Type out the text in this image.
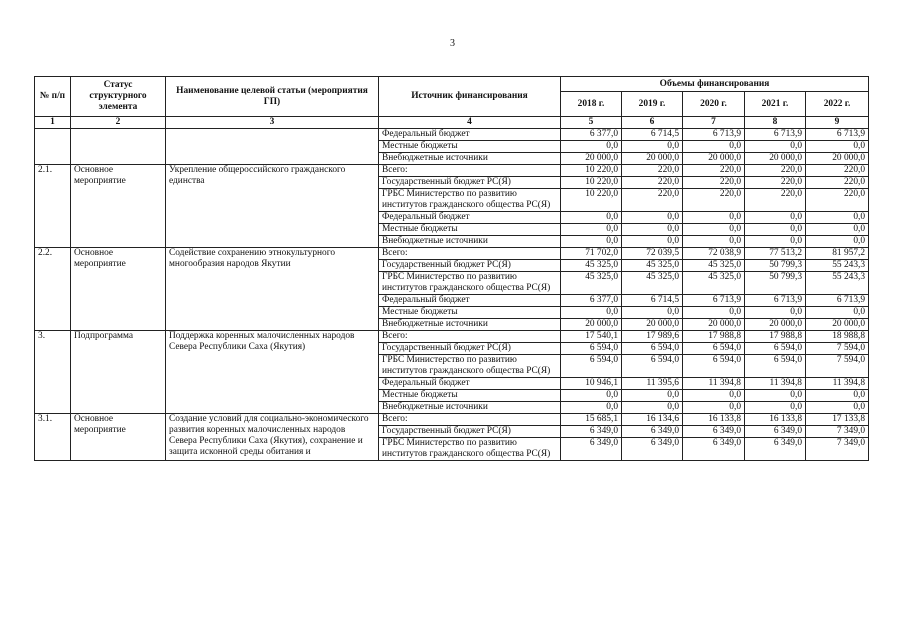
3
№ п/п	Статус структурного элемента	Наименование целевой статьи (мероприятия ГП)	Источник финансирования	Объемы финансирования				
				2018 г.	2019 г.	2020 г.	2021 г.	2022 г.
1	2	3	4	5	6	7	8	9
			Федеральный бюджет	6 377,0	6 714,5	6 713,9	6 713,9	6 713,9
			Местные бюджеты	0,0	0,0	0,0	0,0	0,0
			Внебюджетные источники	20 000,0	20 000,0	20 000,0	20 000,0	20 000,0
2.1.	Основное мероприятие	Укрепление общероссийского гражданского единства	Всего:	10 220,0	220,0	220,0	220,0	220,0
			Государственный бюджет РС(Я)	10 220,0	220,0	220,0	220,0	220,0
			ГРБС Министерство по развитию институтов гражданского общества РС(Я)	10 220,0	220,0	220,0	220,0	220,0
			Федеральный бюджет	0,0	0,0	0,0	0,0	0,0
			Местные бюджеты	0,0	0,0	0,0	0,0	0,0
			Внебюджетные источники	0,0	0,0	0,0	0,0	0,0
2.2.	Основное мероприятие	Содействие сохранению этнокультурного многообразия народов Якутии	Всего:	71 702,0	72 039,5	72 038,9	77 513,2	81 957,2
			Государственный бюджет РС(Я)	45 325,0	45 325,0	45 325,0	50 799,3	55 243,3
			ГРБС Министерство по развитию институтов гражданского общества РС(Я)	45 325,0	45 325,0	45 325,0	50 799,3	55 243,3
			Федеральный бюджет	6 377,0	6 714,5	6 713,9	6 713,9	6 713,9
			Местные бюджеты	0,0	0,0	0,0	0,0	0,0
			Внебюджетные источники	20 000,0	20 000,0	20 000,0	20 000,0	20 000,0
3.	Подпрограмма	Поддержка коренных малочисленных народов Севера Республики Саха (Якутия)	Всего:	17 540,1	17 989,6	17 988,8	17 988,8	18 988,8
			Государственный бюджет РС(Я)	6 594,0	6 594,0	6 594,0	6 594,0	7 594,0
			ГРБС Министерство по развитию институтов гражданского общества РС(Я)	6 594,0	6 594,0	6 594,0	6 594,0	7 594,0
			Федеральный бюджет	10 946,1	11 395,6	11 394,8	11 394,8	11 394,8
			Местные бюджеты	0,0	0,0	0,0	0,0	0,0
			Внебюджетные источники	0,0	0,0	0,0	0,0	0,0
3.1.	Основное мероприятие	Создание условий для социально-экономического развития коренных малочисленных народов Севера Республики Саха (Якутия), сохранение и защита исконной среды обитания и	Всего:	15 685,1	16 134,6	16 133,8	16 133,8	17 133,8
			Государственный бюджет РС(Я)	6 349,0	6 349,0	6 349,0	6 349,0	7 349,0
			ГРБС Министерство по развитию институтов гражданского общества РС(Я)	6 349,0	6 349,0	6 349,0	6 349,0	7 349,0
